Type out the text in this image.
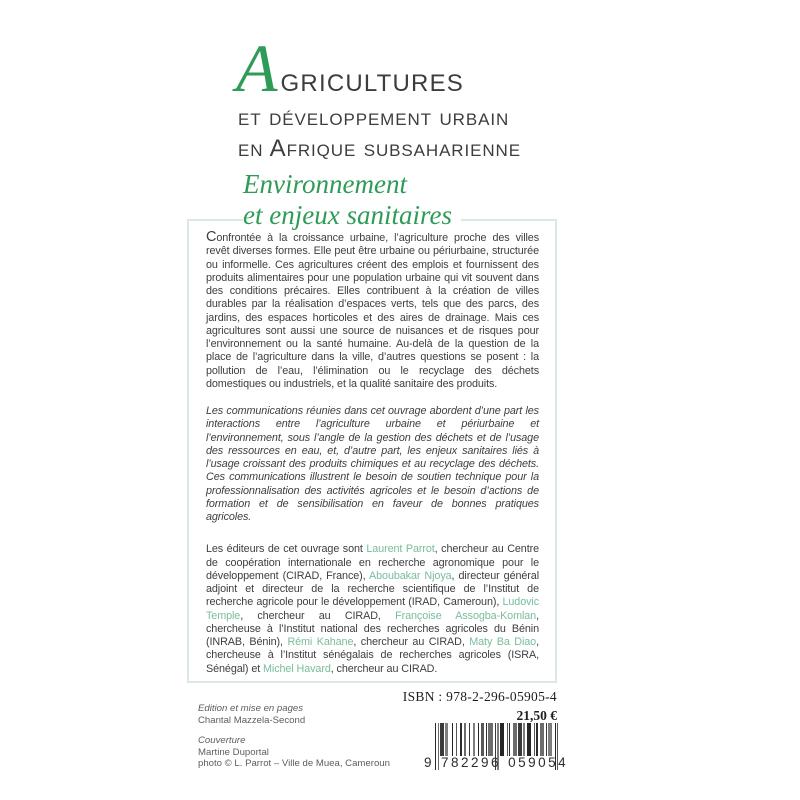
AGRICULTURES
et développement urbain
en Afrique subsaharienne
Environnement
et enjeux sanitaires

Confrontée à la croissance urbaine, l’agriculture proche des villes revêt diverses formes. Elle peut être urbaine ou périurbaine, structurée ou informelle. Ces agricultures créent des emplois et fournissent des produits alimentaires pour une population urbaine qui vit souvent dans des conditions précaires. Elles contribuent à la création de villes durables par la réalisation d’espaces verts, tels que des parcs, des jardins, des espaces horticoles et des aires de drainage. Mais ces agricultures sont aussi une source de nuisances et de risques pour l’environnement ou la santé humaine. Au-delà de la question de la place de l’agriculture dans la ville, d’autres questions se posent : la pollution de l’eau, l’élimination ou le recyclage des déchets domestiques ou industriels, et la qualité sanitaire des produits.

Les communications réunies dans cet ouvrage abordent d’une part les interactions entre l’agriculture urbaine et périurbaine et l’environnement, sous l’angle de la gestion des déchets et de l’usage des ressources en eau, et, d’autre part, les enjeux sanitaires liés à l’usage croissant des produits chimiques et au recyclage des déchets. Ces communications illustrent le besoin de soutien technique pour la professionnalisation des activités agricoles et le besoin d’actions de formation et de sensibilisation en faveur de bonnes pratiques agricoles.

Les éditeurs de cet ouvrage sont Laurent Parrot, chercheur au Centre de coopération internationale en recherche agronomique pour le développement (CIRAD, France), Aboubakar Njoya, directeur général adjoint et directeur de la recherche scientifique de l’Institut de recherche agricole pour le développement (IRAD, Cameroun), Ludovic Temple, chercheur au CIRAD, Françoise Assogba-Komlan, chercheuse à l’Institut national des recherches agricoles du Bénin (INRAB, Bénin), Rémi Kahane, chercheur au CIRAD, Maty Ba Diao, chercheuse à l’Institut sénégalais de recherches agricoles (ISRA, Sénégal) et Michel Havard, chercheur au CIRAD.

ISBN : 978-2-296-05905-4
21,50 €
9 782296 059054
Edition et mise en pages
Chantal Mazzela-Second
Couverture
Martine Duportal
photo © L. Parrot – Ville de Muea, Cameroun
